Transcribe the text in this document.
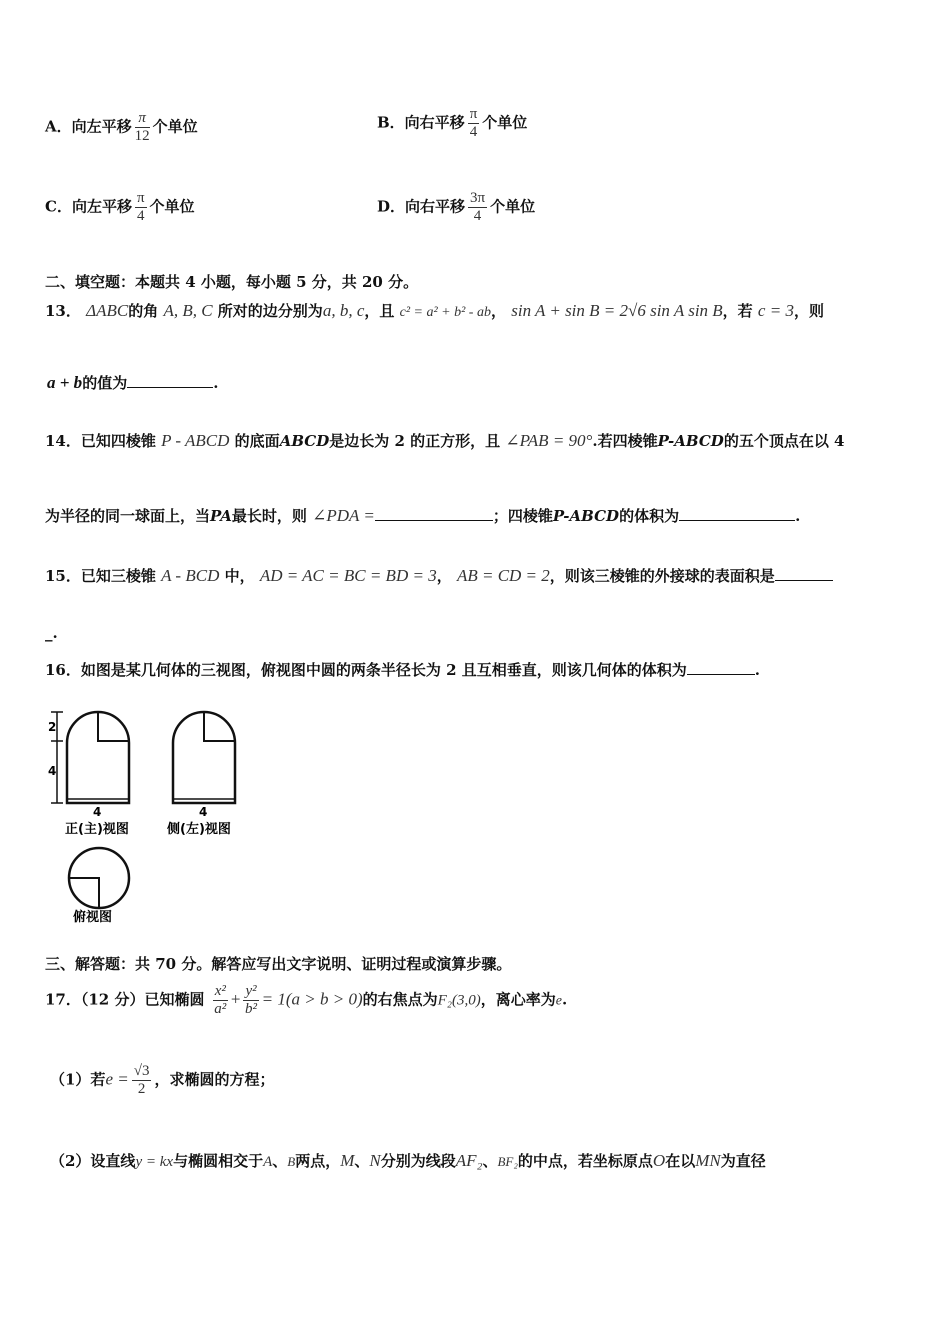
A．向左平移 $\frac{\pi}{12}$ 个单位	B．向右平移 $\frac{\pi}{4}$ 个单位
C．向左平移 $\frac{\pi}{4}$ 个单位	D．向右平移 $\frac{3\pi}{4}$ 个单位
二、填空题：本题共 4 小题，每小题 5 分，共 20 分。
13． ΔABC的角 A, B, C 所对的边分别为a, b, c，且 c² = a² + b² - ab， sin A + sin B = 2√6 sin A sin B，若 c = 3，则
a + b的值为	.
14．已知四棱锥 P - ABCD 的底面ABCD是边长为 2 的正方形，且 ∠PAB = 90°.若四棱锥P-ABCD的五个顶点在以 4
为半径的同一球面上，当PA最长时，则 ∠PDA =	；四棱锥P-ABCD的体积为	.
15．已知三棱锥 A - BCD 中， AD = AC = BC = BD = 3， AB = CD = 2，则该三棱锥的外接球的表面积是
_.
16．如图是某几何体的三视图，俯视图中圆的两条半径长为 2 且互相垂直，则该几何体的体积为	.
2
4
4
正(主)视图
4
侧(左)视图
俯视图
三、解答题：共 70 分。解答应写出文字说明、证明过程或演算步骤。
17．（12 分）已知椭圆 $\frac{\text{x²}}{\text{a²}} + \frac{\text{y²}}{\text{b²}} = 1(a > b > 0)$的右焦点为F₂(3,0)，离心率为e.
（1）若$e = \frac{√3}{2}$ ，求椭圆的方程；
（2）设直线y = kx与椭圆相交于A、B两点，M、N分别为线段AF₂、BF₂的中点，若坐标原点O在以MN为直径
